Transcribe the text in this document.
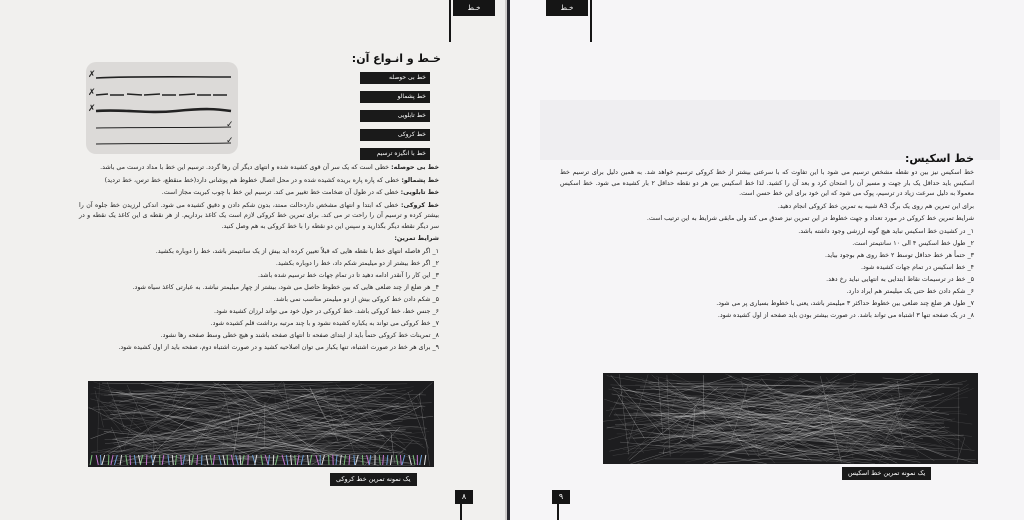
خـط
خـط و انـواع آن:
✗
✗
✗
✓
✓
خط بی حوصله
خط پشمالو
خط تابلویی
خط کروکی
خط با انگیزه ترسیم

خط بی حوصله: خطی است که یک سر آن قوی کشیده شده و انتهای دیگر آن رها گردد. ترسیم این خط با مداد درست می باشد.

خط پشمالو: خطی که پاره پاره بریده کشیده شده و در محل اتصال خطوط هم پوشانی دارد(خط منقطع، خط ترس، خط تردید)

خط تابلویی: خطی که در طول آن ضخامت خط تغییر می کند. ترسیم این خط با چوب کبریت مجاز است.

خط کروکی: خطی که ابتدا و انتهای مشخص داردحالت ممتد، بدون شکم دادن و دقیق کشیده می شود. اندکی لرزیدن خط جلوه آن را بیشتر کرده و ترسیم آن را راحت تر می کند. برای تمرین خط کروکی لازم است یک کاغذ برداریم. از هر نقطه ی این کاغذ یک نقطه و در سر دیگر نقطه دیگر بگذارید و سپس این دو نقطه را با خط کروکی به هم وصل کنید.

شرایط تمرین:

۱_ اگر فاصله انتهای خط با نقطه هایی که قبلاً تعیین کرده اید بیش از یک سانتیمتر باشد، خط را دوباره بکشید.
۲_ اگر خط بیشتر از دو میلیمتر شکم داد، خط را دوباره بکشید.
۳_ این کار را آنقدر ادامه دهید تا در تمام جهات خط ترسیم شده باشد.
۴_ هر ضلع از چند ضلعی هایی که بین خطوط حاصل می شود، بیشتر از چهار میلیمتر نباشد. به عبارتی کاغذ سیاه شود.
۵_ شکم دادن خط کروکی بیش از دو میلیمتر مناسب نمی باشد.
۶_ جنس خط، خط کروکی باشد. خط کروکی در حول خود می تواند لرزان کشیده شود.
۷_ خط کروکی می تواند به یکباره کشیده نشود و با چند مرتبه برداشت قلم کشیده شود.
۸_ تمرینات خط کروکی حتماً باید از ابتدای صفحه تا انتهای صفحه باشند و هیچ خطی وسط صفحه رها نشود.
۹_ برای هر خط در صورت اشتباه، تنها یکبار می توان اصلاحیه کشید و در صورت اشتباه دوم، صفحه باید از اول کشیده شود.
یک نمونه تمرین خط کروکی
۸
خـط
خط اسکیس:

خط اسکیس نیز بین دو نقطه مشخص ترسیم می شود با این تفاوت که با سرعتی بیشتر از خط کروکی ترسیم خواهد شد. به همین دلیل برای ترسیم خط اسکیس باید حداقل یک بار جهت و مسیر آن را امتحان کرد و بعد آن را کشید. لذا خط اسکیس بین هر دو نقطه حداقل ۲ بار کشیده می شود. خط اسکیس معمولا به دلیل سرعت زیاد در ترسیم، پوک می شود که این خود برای این خط حسن است.

برای این تمرین هم روی یک برگ A3 شبیه به تمرین خط کروکی انجام دهید.

شرایط تمرین خط کروکی در مورد تعداد و جهت خطوط در این تمرین نیز صدق می کند ولی مابقی شرایط به این ترتیب است.

۱_ در کشیدن خط اسکیس نباید هیچ گونه لرزشی وجود داشته باشد.
۲_ طول خط اسکیس ۴ الی ۱۰ سانتیمتر است.
۳_ حتماً هر خط حداقل توسط ۲ خط روی هم بوجود بیاید.
۴_ خط اسکیس در تمام جهات کشیده شود.
۵_ خط در ترسیمات نقاط ابتدایی به انتهایی نباید رخ دهد.
۶_ شکم دادن خط حتی یک میلیمتر هم ایراد دارد.
۷_ طول هر ضلع چند ضلعی بین خطوط حداکثر ۳ میلیمتر باشد، یعنی با خطوط بسیاری پر می شود.
۸_ در یک صفحه تنها ۳ اشتباه می تواند باشد. در صورت بیشتر بودن باید صفحه از اول کشیده شود.
یک نمونه تمرین خط اسکیس
۹
